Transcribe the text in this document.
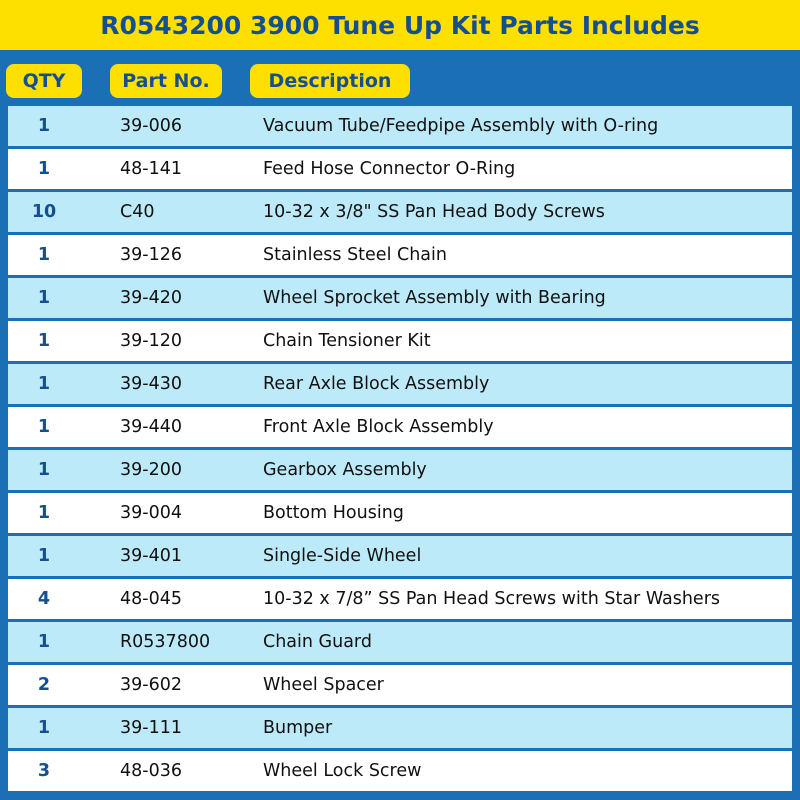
R0543200 3900 Tune Up Kit Parts Includes
QTY	Part No.	Description
1	39-006	Vacuum Tube/Feedpipe Assembly with O-ring
1	48-141	Feed Hose Connector O-Ring
10	C40	10-32 x 3/8" SS Pan Head Body Screws
1	39-126	Stainless Steel Chain
1	39-420	Wheel Sprocket Assembly with Bearing
1	39-120	Chain Tensioner Kit
1	39-430	Rear Axle Block Assembly
1	39-440	Front Axle Block Assembly
1	39-200	Gearbox Assembly
1	39-004	Bottom Housing
1	39-401	Single-Side Wheel
4	48-045	10-32 x 7/8” SS Pan Head Screws with Star Washers
1	R0537800	Chain Guard
2	39-602	Wheel Spacer
1	39-111	Bumper
3	48-036	Wheel Lock Screw
